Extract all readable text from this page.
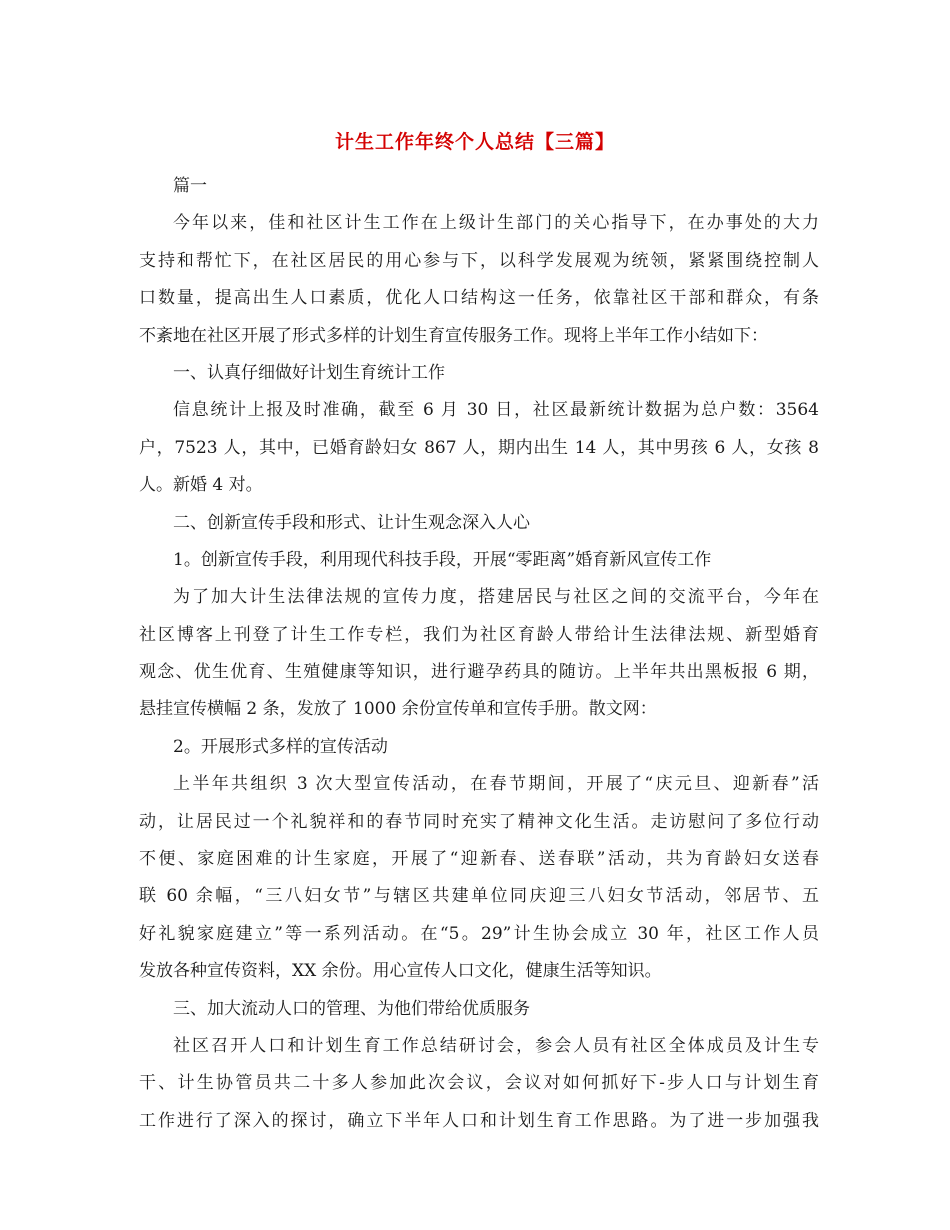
计生工作年终个人总结【三篇】
篇一
今年以来，佳和社区计生工作在上级计生部门的关心指导下，在办事处的大力
支持和帮忙下，在社区居民的用心参与下，以科学发展观为统领，紧紧围绕控制人
口数量，提高出生人口素质，优化人口结构这一任务，依靠社区干部和群众，有条
不紊地在社区开展了形式多样的计划生育宣传服务工作。现将上半年工作小结如下：
一、认真仔细做好计划生育统计工作
信息统计上报及时准确，截至 6 月 30 日，社区最新统计数据为总户数：3564
户，7523 人，其中，已婚育龄妇女 867 人，期内出生 14 人，其中男孩 6 人，女孩 8
人。新婚 4 对。
二、创新宣传手段和形式、让计生观念深入人心
1。创新宣传手段，利用现代科技手段，开展“零距离”婚育新风宣传工作
为了加大计生法律法规的宣传力度，搭建居民与社区之间的交流平台，今年在
社区博客上刊登了计生工作专栏，我们为社区育龄人带给计生法律法规、新型婚育
观念、优生优育、生殖健康等知识，进行避孕药具的随访。上半年共出黑板报 6 期，
悬挂宣传横幅 2 条，发放了 1000 余份宣传单和宣传手册。散文网：
2。开展形式多样的宣传活动
上半年共组织 3 次大型宣传活动，在春节期间，开展了“庆元旦、迎新春”活
动，让居民过一个礼貌祥和的春节同时充实了精神文化生活。走访慰问了多位行动
不便、家庭困难的计生家庭，开展了“迎新春、送春联”活动，共为育龄妇女送春
联 60 余幅，“三八妇女节”与辖区共建单位同庆迎三八妇女节活动，邻居节、五
好礼貌家庭建立”等一系列活动。在“5。29”计生协会成立 30 年，社区工作人员
发放各种宣传资料，XX 余份。用心宣传人口文化，健康生活等知识。
三、加大流动人口的管理、为他们带给优质服务
社区召开人口和计划生育工作总结研讨会，参会人员有社区全体成员及计生专
干、计生协管员共二十多人参加此次会议，会议对如何抓好下-步人口与计划生育
工作进行了深入的探讨，确立下半年人口和计划生育工作思路。为了进一步加强我
